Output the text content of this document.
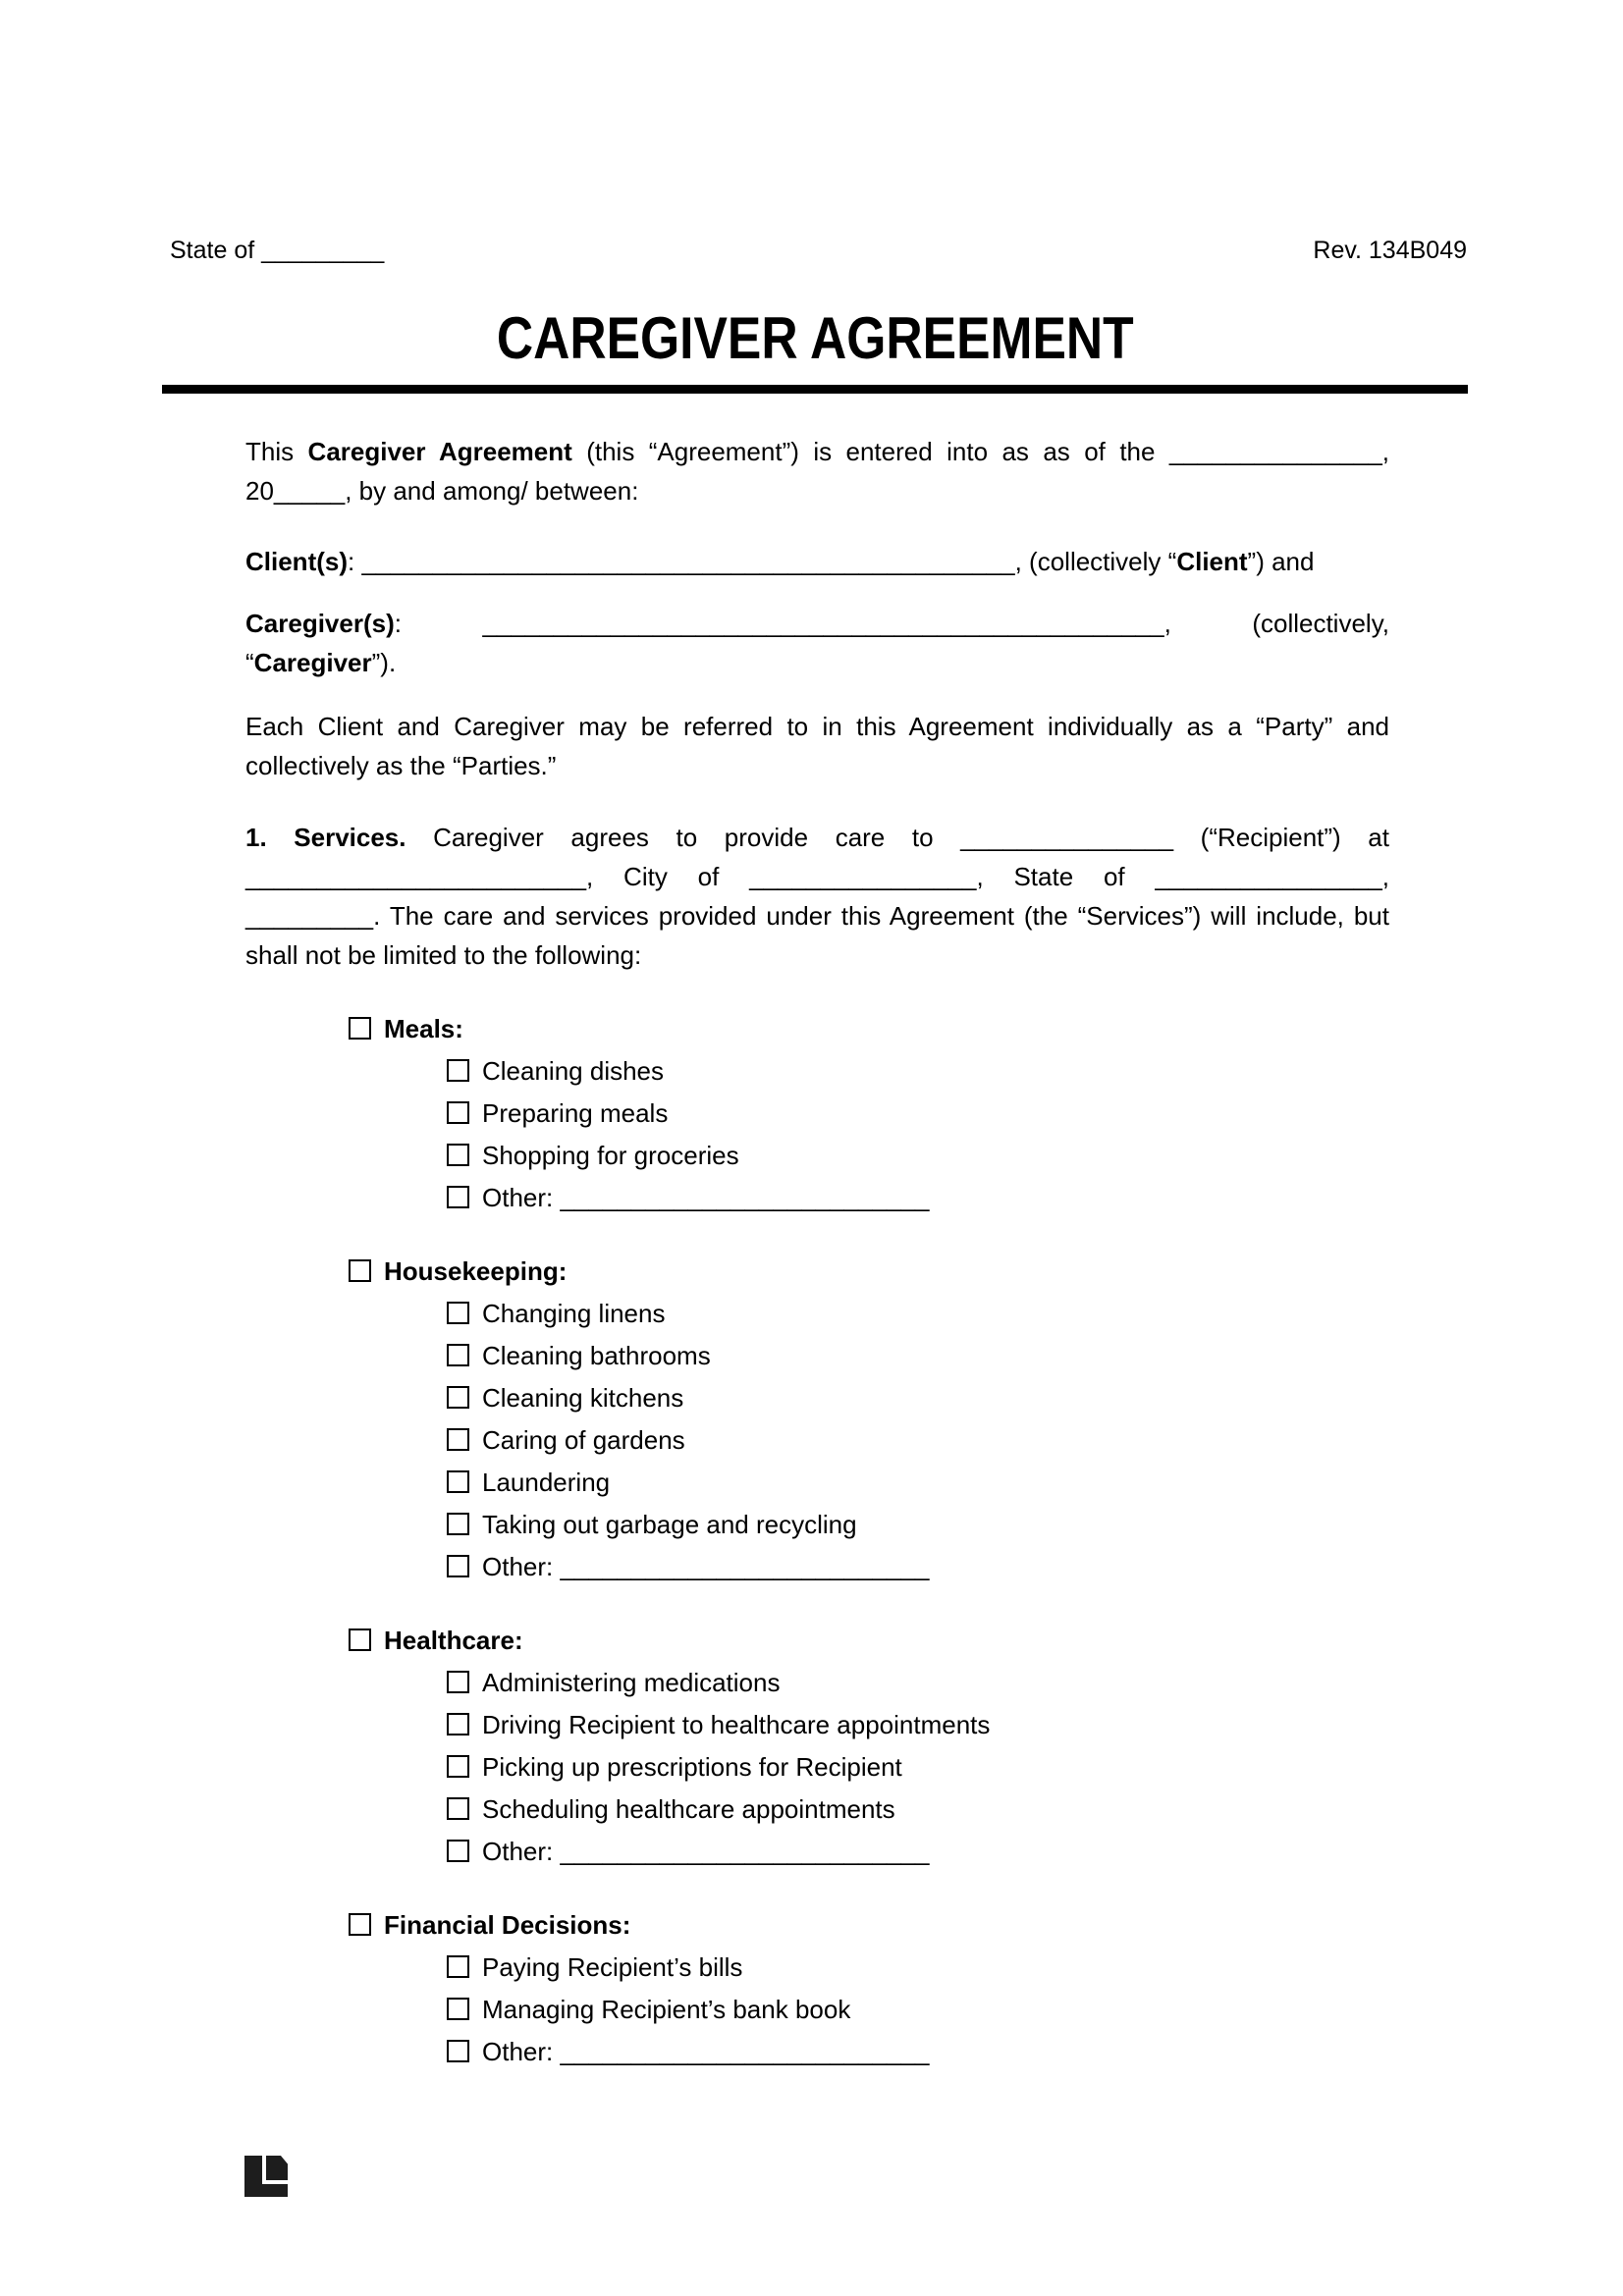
State of _________	Rev. 134B049
CAREGIVER AGREEMENT

This Caregiver Agreement (this “Agreement”) is entered into as as of the _______________, 20_____, by and among/ between:

Client(s): ______________________________________________, (collectively “Client”) and

Caregiver(s): ________________________________________________, (collectively, “Caregiver”).

Each Client and Caregiver may be referred to in this Agreement individually as a “Party” and collectively as the “Parties.”

1. Services. Caregiver agrees to provide care to _______________ (“Recipient”) at ________________________, City of ________________, State of ________________, _________. The care and services provided under this Agreement (the “Services”) will include, but shall not be limited to the following:

Meals:
Cleaning dishes
Preparing meals
Shopping for groceries
Other: __________________________
Housekeeping:
Changing linens
Cleaning bathrooms
Cleaning kitchens
Caring of gardens
Laundering
Taking out garbage and recycling
Other: __________________________
Healthcare:
Administering medications
Driving Recipient to healthcare appointments
Picking up prescriptions for Recipient
Scheduling healthcare appointments
Other: __________________________
Financial Decisions:
Paying Recipient’s bills
Managing Recipient’s bank book
Other: __________________________
